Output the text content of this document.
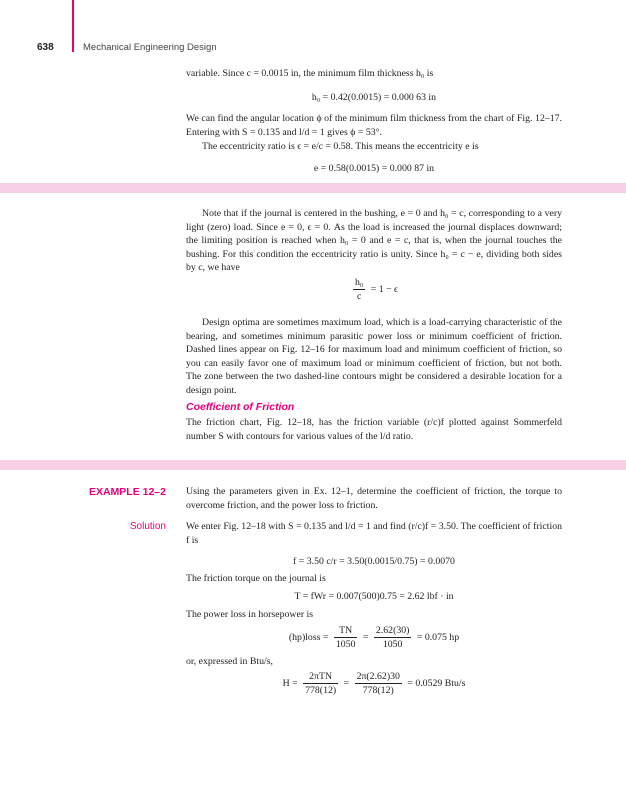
638	Mechanical Engineering Design
variable. Since c = 0.0015 in, the minimum film thickness h₀ is
h₀ = 0.42(0.0015) = 0.000 63 in
We can find the angular location ϕ of the minimum film thickness from the chart of Fig. 12–17. Entering with S = 0.135 and l/d = 1 gives ϕ = 53°.
The eccentricity ratio is ϵ = e/c = 0.58. This means the eccentricity e is
e = 0.58(0.0015) = 0.000 87 in
Note that if the journal is centered in the bushing, e = 0 and h₀ = c, corresponding to a very light (zero) load. Since e = 0, ϵ = 0. As the load is increased the journal displaces downward; the limiting position is reached when h₀ = 0 and e = c, that is, when the journal touches the bushing. For this condition the eccentricity ratio is unity. Since h₀ = c − e, dividing both sides by c, we have
$\frac{\text{h₀}}{c} = 1 - \epsilon$
Design optima are sometimes maximum load, which is a load-carrying characteristic of the bearing, and sometimes minimum parasitic power loss or minimum coefficient of friction. Dashed lines appear on Fig. 12–16 for maximum load and minimum coefficient of friction, so you can easily favor one of maximum load or minimum coefficient of friction, but not both. The zone between the two dashed-line contours might be considered a desirable location for a design point.
Coefficient of Friction
The friction chart, Fig. 12–18, has the friction variable (r/c)f plotted against Sommerfeld number S with contours for various values of the l/d ratio.
EXAMPLE 12–2 Using the parameters given in Ex. 12–1, determine the coefficient of friction, the torque to overcome friction, and the power loss to friction.
Solution We enter Fig. 12–18 with S = 0.135 and l/d = 1 and find (r/c)f = 3.50. The coefficient of friction f is
f = 3.50 c/r = 3.50(0.0015/0.75) = 0.0070
The friction torque on the journal is
T = fWr = 0.007(500)0.75 = 2.62 lbf · in
The power loss in horsepower is
(hp)loss = $\frac{TN}{1050} = \frac{2.62(30)}{1050} = 0.075$ hp
or, expressed in Btu/s,
$H = \frac{\text{2πTN}}{778(12)} = \frac{2\pi(2.62)30}{778(12)} = 0.0529$ Btu/s
